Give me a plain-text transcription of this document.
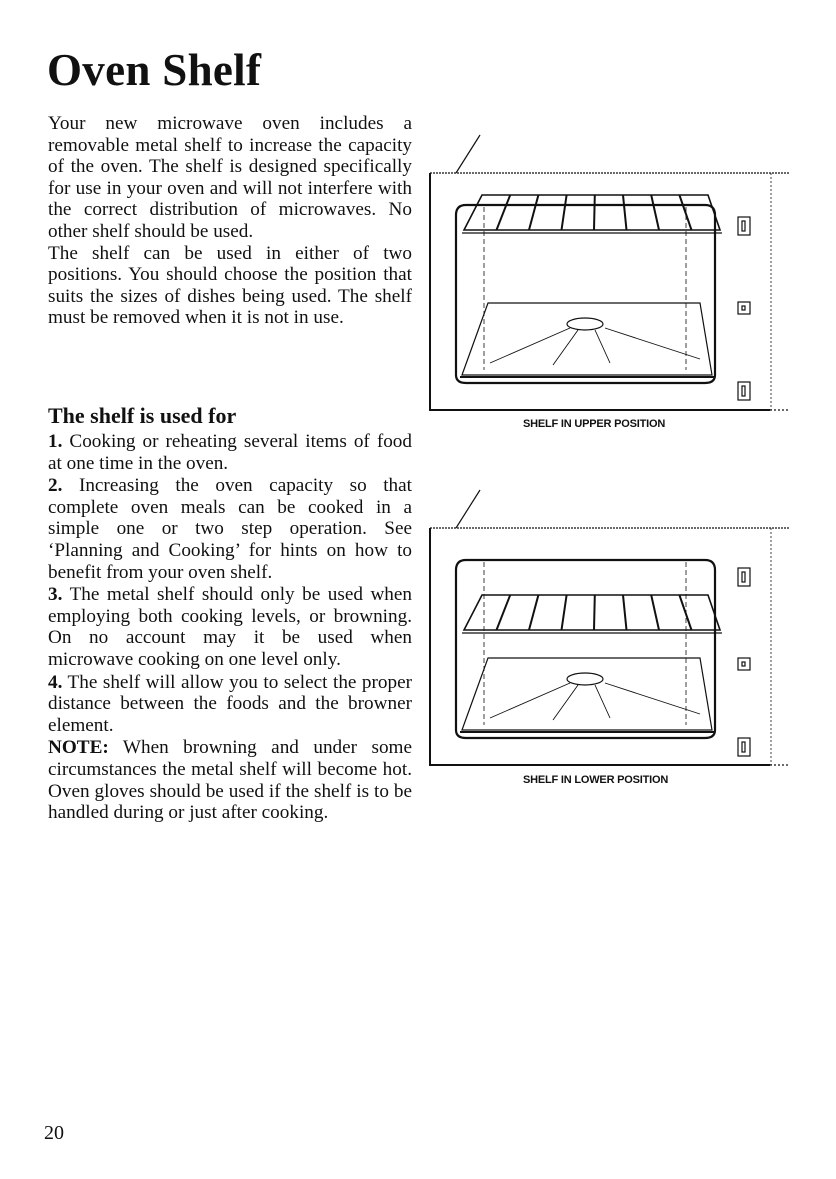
Oven Shelf

Your new microwave oven includes a removable metal shelf to increase the capacity of the oven. The shelf is designed specifically for use in your oven and will not interfere with the correct distribution of microwaves. No other shelf should be used.

The shelf can be used in either of two positions. You should choose the position that suits the sizes of dishes being used. The shelf must be removed when it is not in use.

The shelf is used for

1. Cooking or reheating several items of food at one time in the oven.

2. Increasing the oven capacity so that complete oven meals can be cooked in a simple one or two step operation. See ‘Planning and Cooking’ for hints on how to benefit from your oven shelf.

3. The metal shelf should only be used when employing both cooking levels, or browning. On no account may it be used when microwave cooking on one level only.

4. The shelf will allow you to select the proper distance between the foods and the browner element.

NOTE: When browning and under some circumstances the metal shelf will become hot. Oven gloves should be used if the shelf is to be handled during or just after cooking.

SHELF IN UPPER POSITION
SHELF IN LOWER POSITION
20
